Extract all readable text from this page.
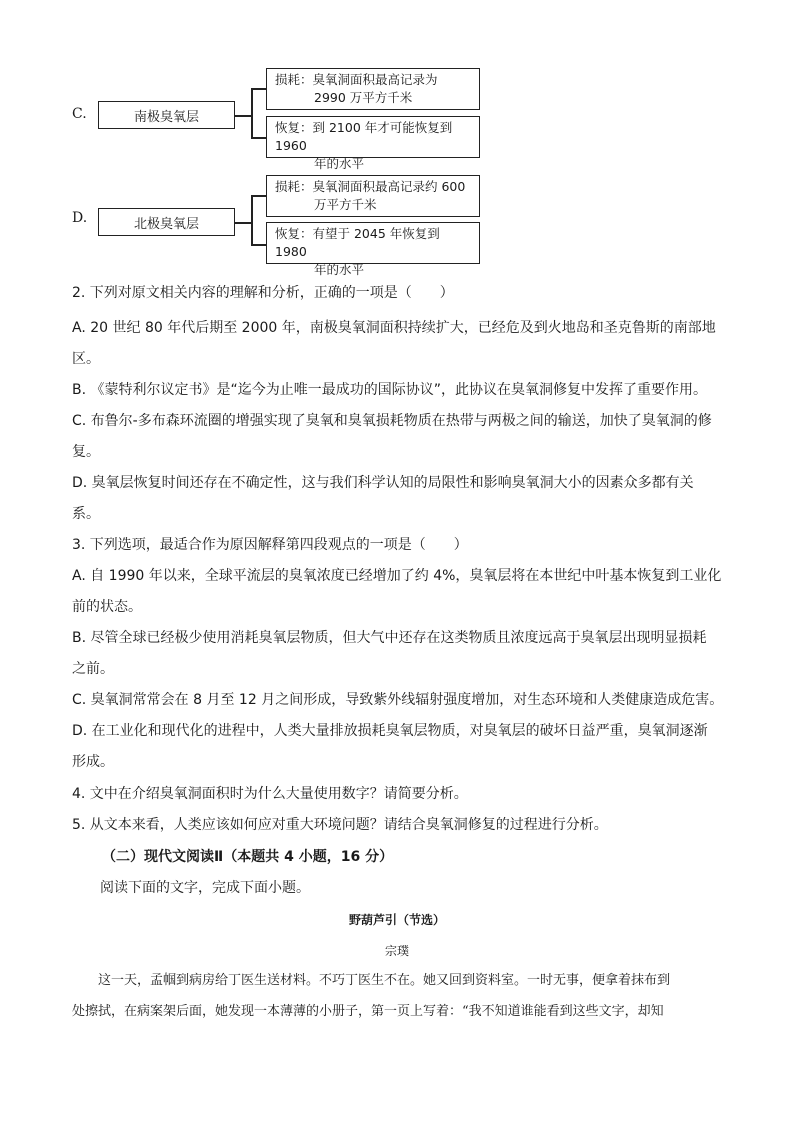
C.	南极臭氧层
损耗：臭氧洞面积最高记录为
2990 万平方千米
恢复：到 2100 年才可能恢复到 1960
年的水平
D.	北极臭氧层
损耗：臭氧洞面积最高记录约 600
万平方千米
恢复：有望于 2045 年恢复到 1980
年的水平
2. 下列对原文相关内容的理解和分析，正确的一项是（　　）
A. 20 世纪 80 年代后期至 2000 年，南极臭氧洞面积持续扩大，已经危及到火地岛和圣克鲁斯的南部地
区。
B. 《蒙特利尔议定书》是“迄今为止唯一最成功的国际协议”，此协议在臭氧洞修复中发挥了重要作用。
C. 布鲁尔-多布森环流圈的增强实现了臭氧和臭氧损耗物质在热带与两极之间的输送，加快了臭氧洞的修
复。
D. 臭氧层恢复时间还存在不确定性，这与我们科学认知的局限性和影响臭氧洞大小的因素众多都有关
系。
3. 下列选项，最适合作为原因解释第四段观点的一项是（　　）
A. 自 1990 年以来，全球平流层的臭氧浓度已经增加了约 4%，臭氧层将在本世纪中叶基本恢复到工业化
前的状态。
B. 尽管全球已经极少使用消耗臭氧层物质，但大气中还存在这类物质且浓度远高于臭氧层出现明显损耗
之前。
C. 臭氧洞常常会在 8 月至 12 月之间形成，导致紫外线辐射强度增加，对生态环境和人类健康造成危害。
D. 在工业化和现代化的进程中，人类大量排放损耗臭氧层物质，对臭氧层的破坏日益严重，臭氧洞逐渐
形成。
4. 文中在介绍臭氧洞面积时为什么大量使用数字？请简要分析。
5. 从文本来看，人类应该如何应对重大环境问题？请结合臭氧洞修复的过程进行分析。
（二）现代文阅读Ⅱ（本题共 4 小题，16 分）
阅读下面的文字，完成下面小题。
野葫芦引（节选）
宗璞
　　这一天，孟帼到病房给丁医生送材料。不巧丁医生不在。她又回到资料室。一时无事，便拿着抹布到
处擦拭，在病案架后面，她发现一本薄薄的小册子，第一页上写着：“我不知道谁能看到这些文字，却知
